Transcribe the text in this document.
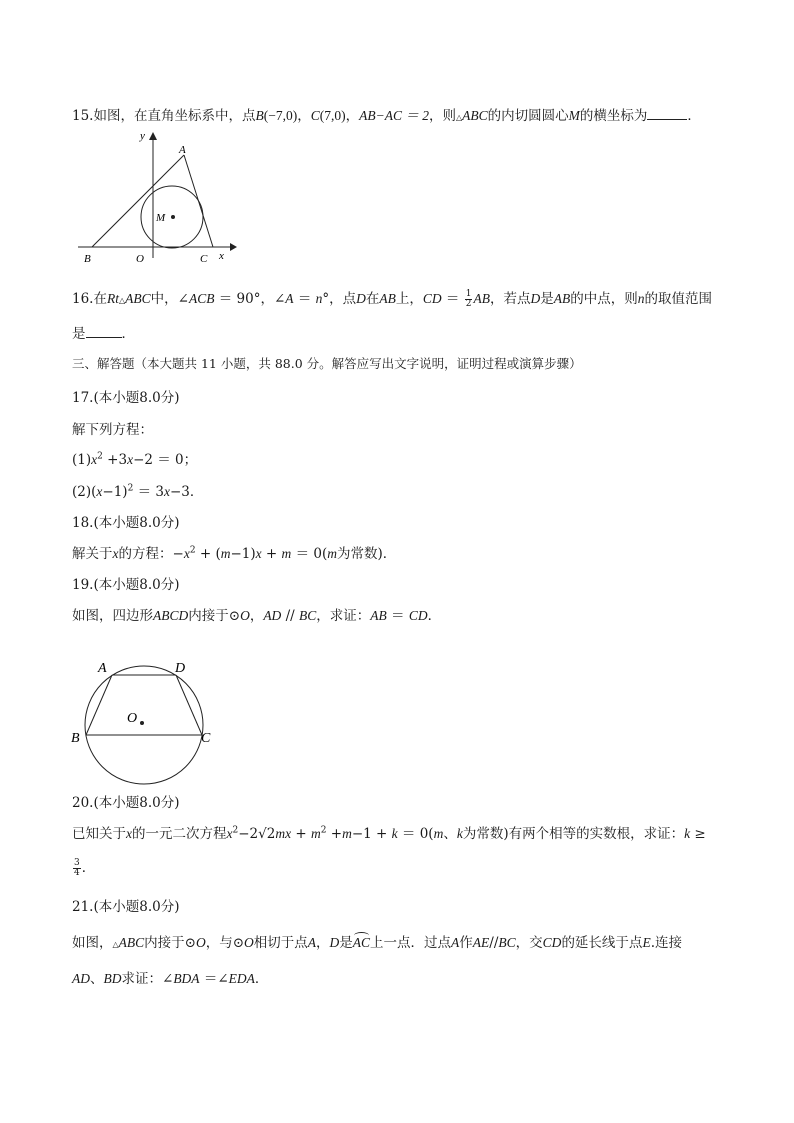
15.如图，在直角坐标系中，点B(−7,0)，C(7,0)，AB−AC ＝ 2，则△ABC的内切圆圆心M的横坐标为	．
y
x
A
B	C
O
M
16.在Rt△ABC中，∠ACB ＝ 90°，∠A ＝ n°，点D在AB上，CD ＝ $\frac{1}{2}$ AB，若点D是AB的中点，则n的取值范围
是	．
三、解答题（本大题共 11 小题，共 88.0 分。解答应写出文字说明，证明过程或演算步骤）
17.(本小题8.0分)
解下列方程：
$(1)x^2 +3x-2 = 0$；
$(2)(x-1)^2 = 3x-3$．
18.(本小题8.0分)
解关于x的方程：$-x^2 + (m-1)x + m = 0(m$为常数)．
19.(本小题8.0分)
如图，四边形ABCD内接于⊙O，AD // BC，求证：AB ＝ CD．
A	D
B	C
O
20.(本小题8.0分)
已知关于x的一元二次方程$x^2-2√2mx + m^2 +m-1 + k = 0(m$、k为常数)有两个相等的实数根，求证：k ≥
$\frac{3}{4}$ ．
21.(本小题8.0分)
如图，△ABC内接于⊙O，与⊙O相切于点A，D是AC上一点．过点A作AE//BC，交CD的延长线于点E.连接
AD、BD求证：∠BDA ＝∠EDA．
